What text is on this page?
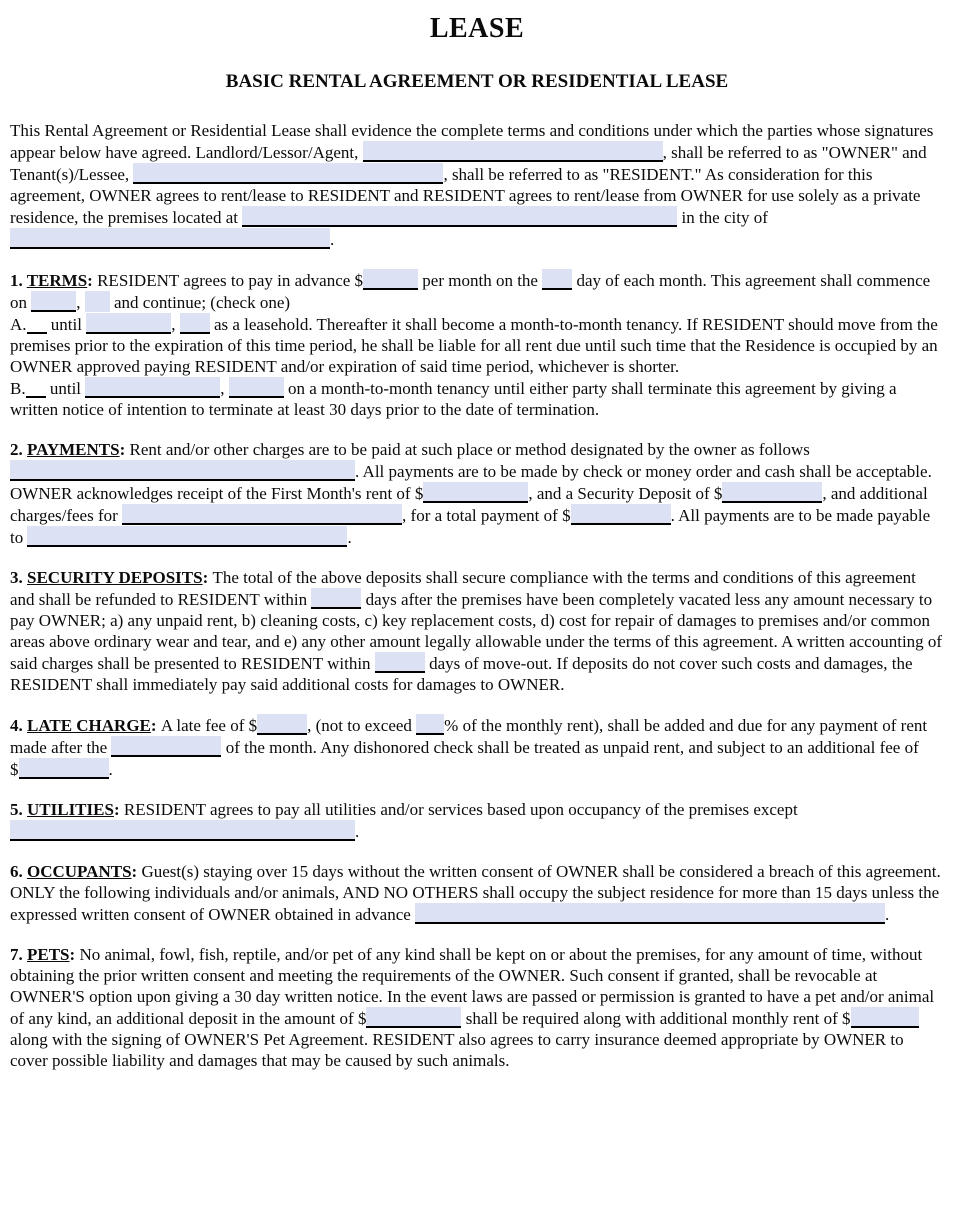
LEASE
BASIC RENTAL AGREEMENT OR RESIDENTIAL LEASE
This Rental Agreement or Residential Lease shall evidence the complete terms and conditions under which the parties whose signatures appear below have agreed. Landlord/Lessor/Agent,	, shall be referred to as "OWNER" and Tenant(s)/Lessee,	, shall be referred to as "RESIDENT." As consideration for this agreement, OWNER agrees to rent/lease to RESIDENT and RESIDENT agrees to rent/lease from OWNER for use solely as a private residence, the premises located at	in the city of .
1. TERMS: RESIDENT agrees to pay in advance $	per month on the  day of each month. This agreement shall commence on	,  and continue; (check one)
A. until	,  as a leasehold. Thereafter it shall become a month-to-month tenancy. If RESIDENT should move from the premises prior to the expiration of this time period, he shall be liable for all rent due until such time that the Residence is occupied by an OWNER approved paying RESIDENT and/or expiration of said time period, whichever is shorter.
B. until	,	on a month-to-month tenancy until either party shall terminate this agreement by giving a written notice of intention to terminate at least 30 days prior to the date of termination.
2. PAYMENTS: Rent and/or other charges are to be paid at such place or method designated by the owner as follows . All payments are to be made by check or money order and cash shall be acceptable. OWNER acknowledges receipt of the First Month's rent of $	, and a Security Deposit of $	, and additional charges/fees for	, for a total payment of $	. All payments are to be made payable to	.
3. SECURITY DEPOSITS: The total of the above deposits shall secure compliance with the terms and conditions of this agreement and shall be refunded to RESIDENT within	days after the premises have been completely vacated less any amount necessary to pay OWNER; a) any unpaid rent, b) cleaning costs, c) key replacement costs, d) cost for repair of damages to premises and/or common areas above ordinary wear and tear, and e) any other amount legally allowable under the terms of this agreement. A written accounting of said charges shall be presented to RESIDENT within	days of move-out. If deposits do not cover such costs and damages, the RESIDENT shall immediately pay said additional costs for damages to OWNER.
4. LATE CHARGE: A late fee of $	, (not to exceed % of the monthly rent), shall be added and due for any payment of rent made after the	of the month. Any dishonored check shall be treated as unpaid rent, and subject to an additional fee of $	.
5. UTILITIES: RESIDENT agrees to pay all utilities and/or services based upon occupancy of the premises except .
6. OCCUPANTS: Guest(s) staying over 15 days without the written consent of OWNER shall be considered a breach of this agreement. ONLY the following individuals and/or animals, AND NO OTHERS shall occupy the subject residence for more than 15 days unless the expressed written consent of OWNER obtained in advance	.
7. PETS: No animal, fowl, fish, reptile, and/or pet of any kind shall be kept on or about the premises, for any amount of time, without obtaining the prior written consent and meeting the requirements of the OWNER. Such consent if granted, shall be revocable at OWNER'S option upon giving a 30 day written notice. In the event laws are passed or permission is granted to have a pet and/or animal of any kind, an additional deposit in the amount of $	shall be required along with additional monthly rent of $ along with the signing of OWNER'S Pet Agreement. RESIDENT also agrees to carry insurance deemed appropriate by OWNER to cover possible liability and damages that may be caused by such animals.
